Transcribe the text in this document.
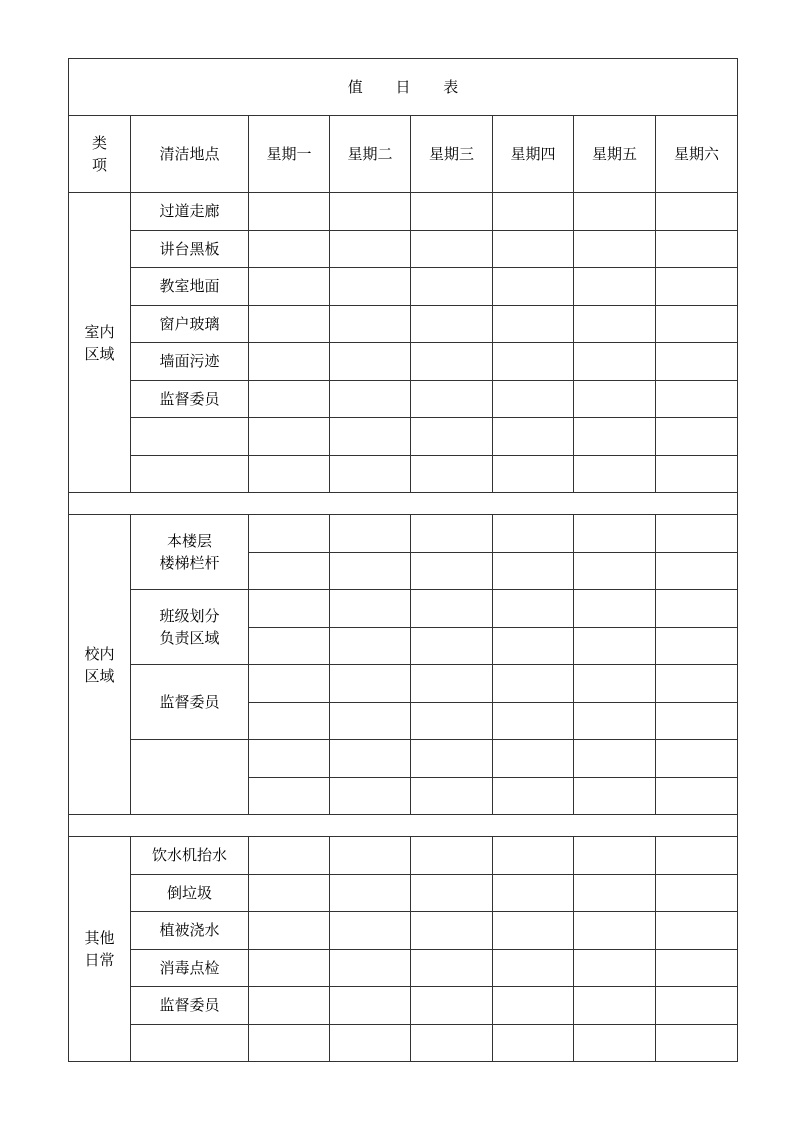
值 日 表							

类
项	清洁地点	星期一	星期二	星期三	星期四	星期五	星期六

室内
区域	过道走廊						
	讲台黑板						
	教室地面						
	窗户玻璃						
	墙面污迹						
	监督委员						

校内
区域	本楼层
楼梯栏杆						

	班级划分
负责区域						

	监督委员						

其他
日常	饮水机抬水						
	倒垃圾						
	植被浇水						
	消毒点检						
	监督委员						
